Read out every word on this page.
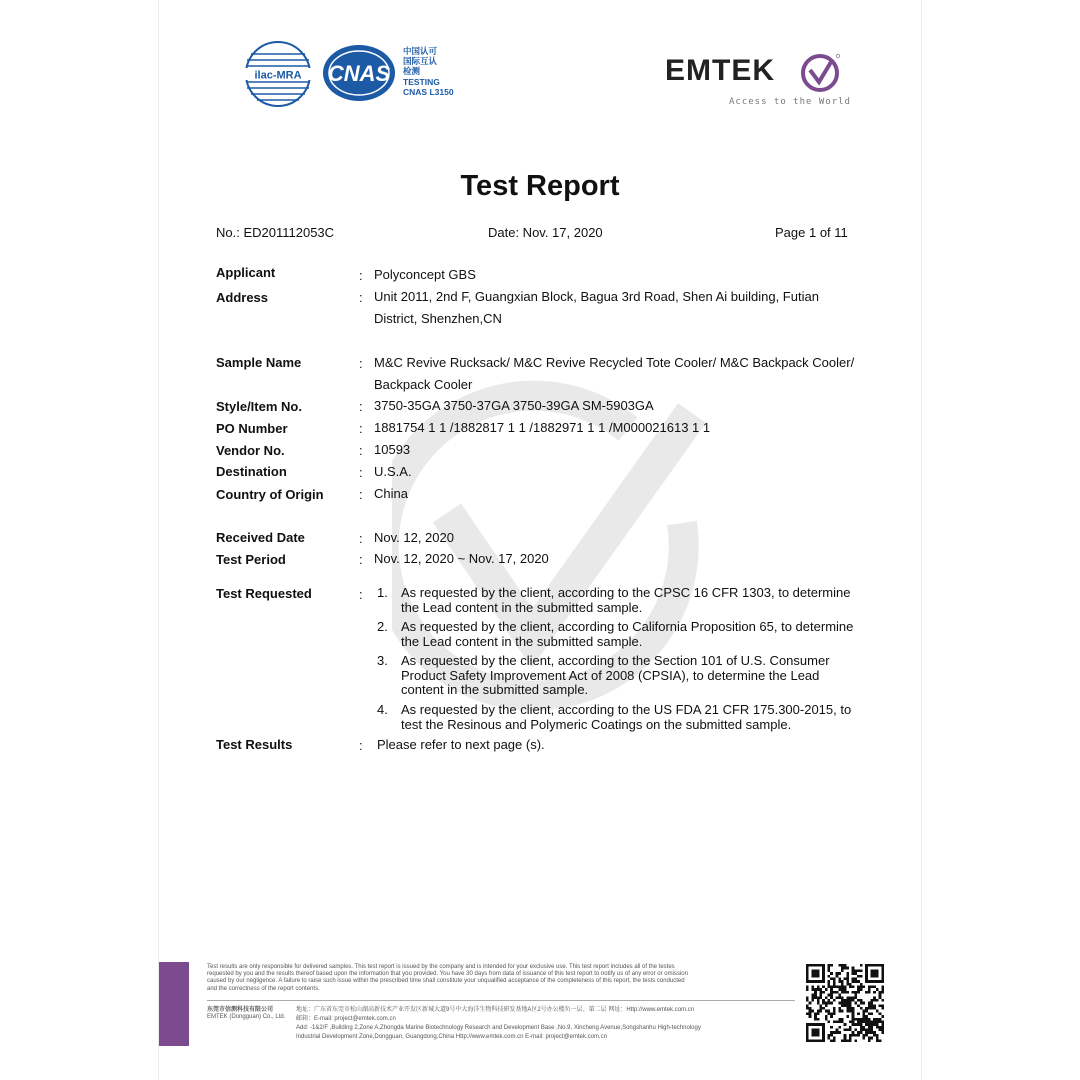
ilac-MRA CNAS
中国认可
国际互认
检测
TESTING
CNAS L3150
EMTEK
Access to the World
Test Report
No.: ED201112053C	Date: Nov. 17, 2020	Page 1 of 11
Applicant	: Polyconcept GBS
Address	: Unit 2011, 2nd F, Guangxian Block, Bagua 3rd Road, Shen Ai building, Futian
District, Shenzhen,CN
Sample Name	: M&C Revive Rucksack/ M&C Revive Recycled Tote Cooler/ M&C Backpack Cooler/
Backpack Cooler
Style/Item No.	: 3750-35GA 3750-37GA 3750-39GA SM-5903GA
PO Number	: 1881754 1 1 /1882817 1 1 /1882971 1 1 /M000021613 1 1
Vendor No.	: 10593
Destination	: U.S.A.
Country of Origin	: China
Received Date	: Nov. 12, 2020
Test Period	: Nov. 12, 2020 ~ Nov. 17, 2020
Test Requested	: 1.	As requested by the client, according to the CPSC 16 CFR 1303, to determine
the Lead content in the submitted sample.
2.	As requested by the client, according to California Proposition 65, to determine
the Lead content in the submitted sample.
3.	As requested by the client, according to the Section 101 of U.S. Consumer
Product Safety Improvement Act of 2008 (CPSIA), to determine the Lead
content in the submitted sample.
4.	As requested by the client, according to the US FDA 21 CFR 175.300-2015, to
test the Resinous and Polymeric Coatings on the submitted sample.
Test Results	: Please refer to next page (s).
Test results are only responsible for delivered samples. This test report is issued by the company and is intended for your exclusive use. This test report includes all of the testes
requested by you and the results thereof based upon the information that you provided. You have 30 days from data of issuance of this test report to notify us of any error or omission
caused by our negligence. A failure to raise such issue within the prescribed time shall constitute your unqualified acceptance of the completeness of this report, the tests conducted
and the correctness of the report contents.
东莞市信测科技有限公司
EMTEK (Dongguan) Co., Ltd.
地址：广东省东莞市松山湖高新技术产业开发区新城大道9号中大海洋生物科技研发基地A区2号办公楼负一层、第二层 网址：Http://www.emtek.com.cn
邮箱：E-mail: project@emtek.com.cn
Add: -1&2/F ,Building 2,Zone A,Zhongda Marine Biotechnology Research and Development Base ,No.9, Xincheng Avenue,Songshanhu High-technology
Industrial Development Zone,Dongguan, Guangdong,China Http://www.emtek.com.cn E-mail: project@emtek.com.cn
